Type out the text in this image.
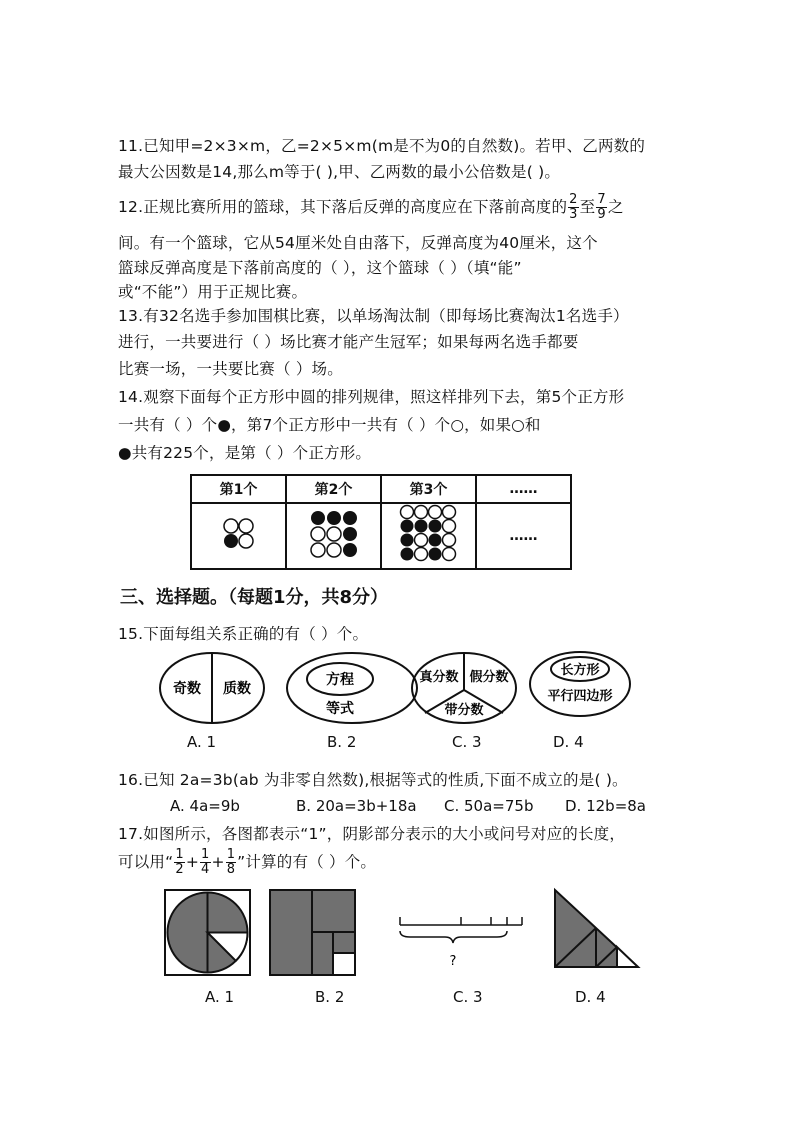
11.已知甲=2×3×m，乙=2×5×m(m是不为0的自然数)。若甲、乙两数的
最大公因数是14,那么m等于( ),甲、乙两数的最小公倍数是( )。
12.正规比赛所用的篮球，其下落后反弹的高度应在下落前高度的 $\frac{2}{3}$ 至 $\frac{7}{9}$ 之
间。有一个篮球，它从54厘米处自由落下，反弹高度为40厘米，这个
篮球反弹高度是下落前高度的（ ），这个篮球（ ）（填“能”
或“不能”）用于正规比赛。
13.有32名选手参加围棋比赛，以单场淘汰制（即每场比赛淘汰1名选手）
进行，一共要进行（ ）场比赛才能产生冠军；如果每两名选手都要
比赛一场，一共要比赛（ ）场。
14.观察下面每个正方形中圆的排列规律，照这样排列下去，第5个正方形
一共有（ ）个●，第7个正方形中一共有（ ）个○，如果○和
●共有225个，是第（ ）个正方形。
第1个	第2个	第3个	……
			……
三、选择题。（每题1分，共8分）
15.下面每组关系正确的有（ ）个。
奇数 质数
方程
等式
真分数 假分数
带分数
长方形
平行四边形
A. 1	B. 2	C. 3	D. 4
16.已知 2a=3b(ab 为非零自然数),根据等式的性质,下面不成立的是( )。
A. 4a=9b	B. 20a=3b+18a C. 50a=75b D. 12b=8a
17.如图所示，各图都表示“1”，阴影部分表示的大小或问号对应的长度，
可以用“ $\frac{1}{2} + \frac{1}{4} + \frac{1}{8}$ ”计算的有（ ）个。
?
A. 1	B. 2	C. 3	D. 4
